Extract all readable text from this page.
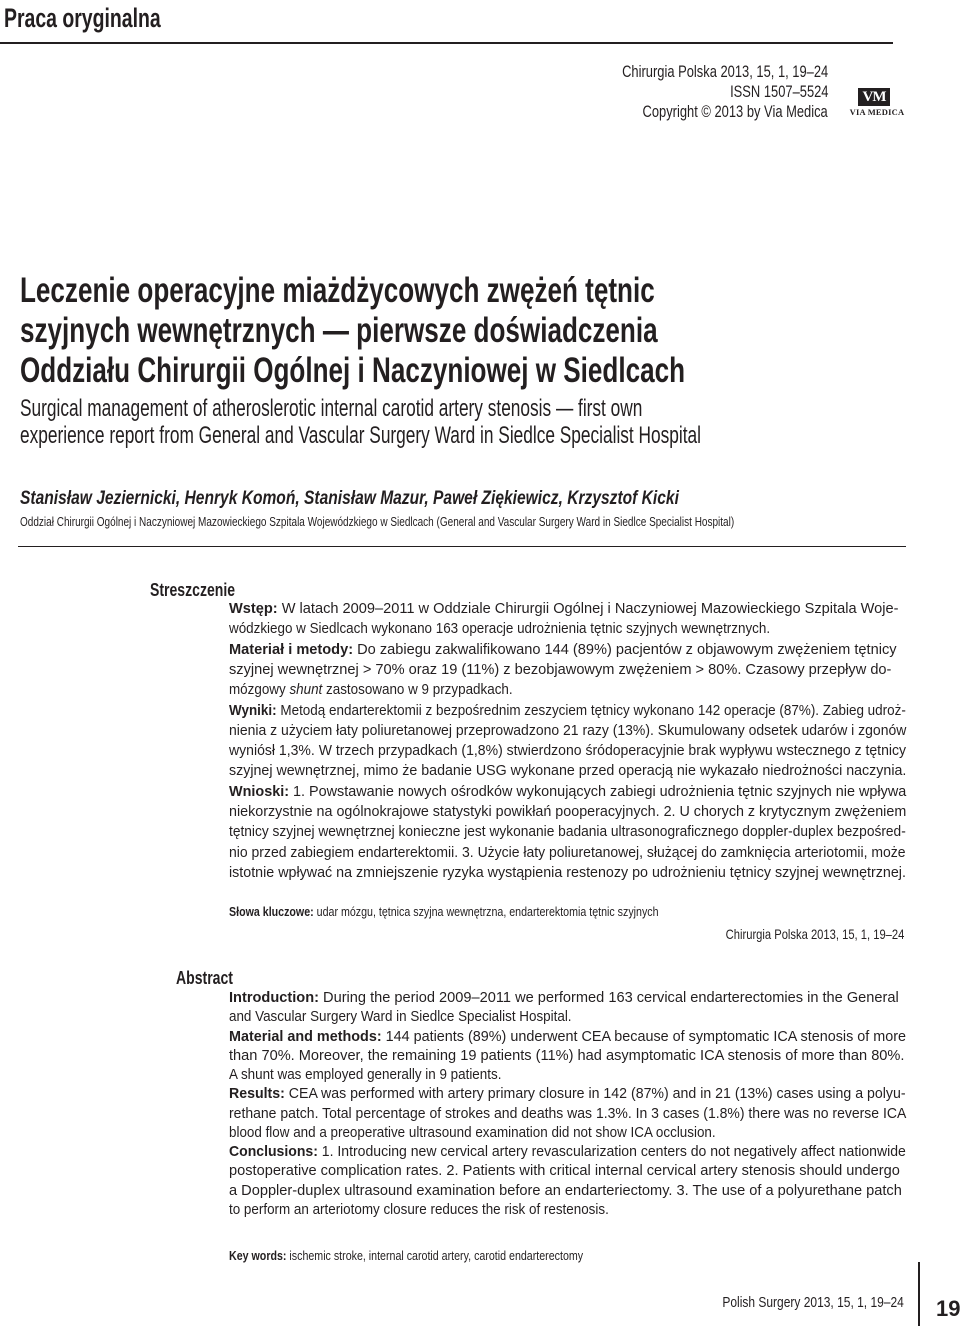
Praca oryginalna
Chirurgia Polska 2013, 15, 1, 19–24
ISSN 1507–5524
Copyright © 2013 by Via Medica
VM
VIA MEDICA
Leczenie operacyjne miażdżycowych zwężeń tętnic
szyjnych wewnętrznych — pierwsze doświadczenia
Oddziału Chirurgii Ogólnej i Naczyniowej w Siedlcach
Surgical management of atheroslerotic internal carotid artery stenosis — first own
experience report from General and Vascular Surgery Ward in Siedlce Specialist Hospital
Stanisław Jeziernicki, Henryk Komoń, Stanisław Mazur, Paweł Ziękiewicz, Krzysztof Kicki
Oddział Chirurgii Ogólnej i Naczyniowej Mazowieckiego Szpitala Wojewódzkiego w Siedlcach (General and Vascular Surgery Ward in Siedlce Specialist Hospital)
Streszczenie
Wstęp: W latach 2009–2011 w Oddziale Chirurgii Ogólnej i Naczyniowej Mazowieckiego Szpitala Woje-
wódzkiego w Siedlcach wykonano 163 operacje udrożnienia tętnic szyjnych wewnętrznych.
Materiał i metody: Do zabiegu zakwalifikowano 144 (89%) pacjentów z objawowym zwężeniem tętnicy
szyjnej wewnętrznej > 70% oraz 19 (11%) z bezobjawowym zwężeniem > 80%. Czasowy przepływ do-
mózgowy shunt zastosowano w 9 przypadkach.
Wyniki: Metodą endarterektomii z bezpośrednim zeszyciem tętnicy wykonano 142 operacje (87%). Zabieg udroż-
nienia z użyciem łaty poliuretanowej przeprowadzono 21 razy (13%). Skumulowany odsetek udarów i zgonów
wyniósł 1,3%. W trzech przypadkach (1,8%) stwierdzono śródoperacyjnie brak wypływu wstecznego z tętnicy
szyjnej wewnętrznej, mimo że badanie USG wykonane przed operacją nie wykazało niedrożności naczynia.
Wnioski: 1. Powstawanie nowych ośrodków wykonujących zabiegi udrożnienia tętnic szyjnych nie wpływa
niekorzystnie na ogólnokrajowe statystyki powikłań pooperacyjnych. 2. U chorych z krytycznym zwężeniem
tętnicy szyjnej wewnętrznej konieczne jest wykonanie badania ultrasonograficznego doppler-duplex bezpośred-
nio przed zabiegiem endarterektomii. 3. Użycie łaty poliuretanowej, służącej do zamknięcia arteriotomii, może
istotnie wpływać na zmniejszenie ryzyka wystąpienia restenozy po udrożnieniu tętnicy szyjnej wewnętrznej.
Słowa kluczowe: udar mózgu, tętnica szyjna wewnętrzna, endarterektomia tętnic szyjnych
Chirurgia Polska 2013, 15, 1, 19–24
Abstract
Introduction: During the period 2009–2011 we performed 163 cervical endarterectomies in the General
and Vascular Surgery Ward in Siedlce Specialist Hospital.
Material and methods: 144 patients (89%) underwent CEA because of symptomatic ICA stenosis of more
than 70%. Moreover, the remaining 19 patients (11%) had asymptomatic ICA stenosis of more than 80%.
A shunt was employed generally in 9 patients.
Results: CEA was performed with artery primary closure in 142 (87%) and in 21 (13%) cases using a polyu-
rethane patch. Total percentage of strokes and deaths was 1.3%. In 3 cases (1.8%) there was no reverse ICA
blood flow and a preoperative ultrasound examination did not show ICA occlusion.
Conclusions: 1. Introducing new cervical artery revascularization centers do not negatively affect nationwide
postoperative complication rates. 2. Patients with critical internal cervical artery stenosis should undergo
a Doppler-duplex ultrasound examination before an endarteriectomy. 3. The use of a polyurethane patch
to perform an arteriotomy closure reduces the risk of restenosis.
Key words: ischemic stroke, internal carotid artery, carotid endarterectomy
Polish Surgery 2013, 15, 1, 19–24 19
